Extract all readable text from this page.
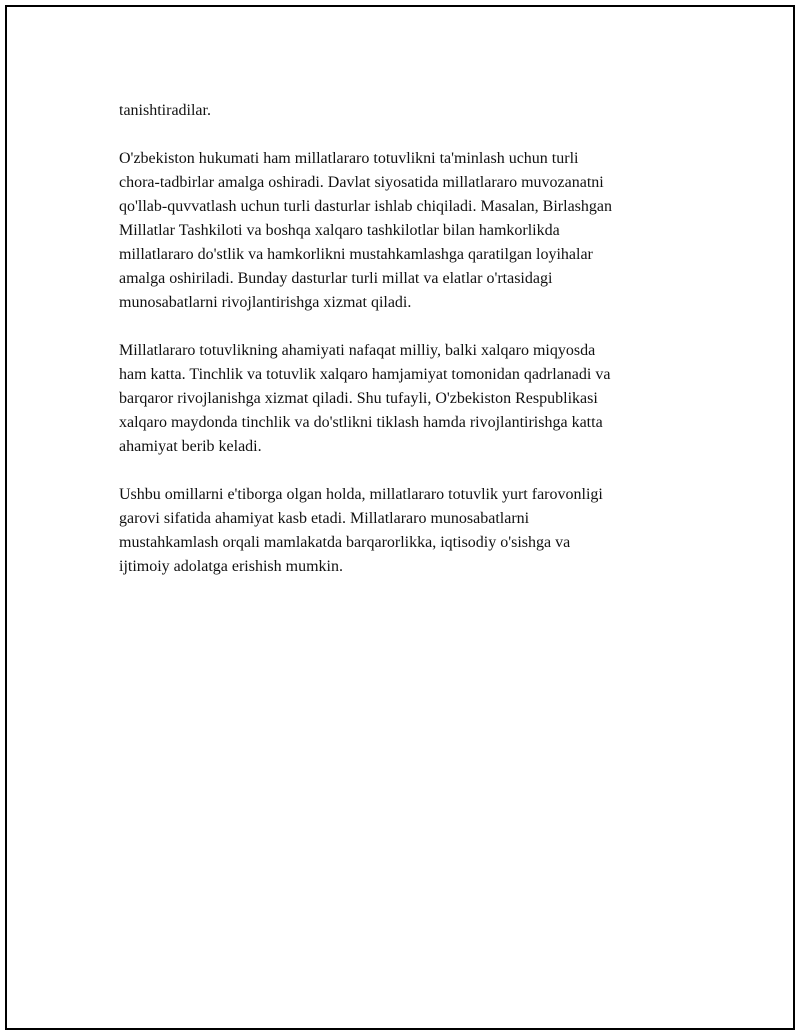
tanishtiradilar.

O'zbekiston hukumati ham millatlararo totuvlikni ta'minlash uchun turli
chora-tadbirlar amalga oshiradi. Davlat siyosatida millatlararo muvozanatni
qo'llab-quvvatlash uchun turli dasturlar ishlab chiqiladi. Masalan, Birlashgan
Millatlar Tashkiloti va boshqa xalqaro tashkilotlar bilan hamkorlikda
millatlararo do'stlik va hamkorlikni mustahkamlashga qaratilgan loyihalar
amalga oshiriladi. Bunday dasturlar turli millat va elatlar o'rtasidagi
munosabatlarni rivojlantirishga xizmat qiladi.

Millatlararo totuvlikning ahamiyati nafaqat milliy, balki xalqaro miqyosda
ham katta. Tinchlik va totuvlik xalqaro hamjamiyat tomonidan qadrlanadi va
barqaror rivojlanishga xizmat qiladi. Shu tufayli, O'zbekiston Respublikasi
xalqaro maydonda tinchlik va do'stlikni tiklash hamda rivojlantirishga katta
ahamiyat berib keladi.

Ushbu omillarni e'tiborga olgan holda, millatlararo totuvlik yurt farovonligi
garovi sifatida ahamiyat kasb etadi. Millatlararo munosabatlarni
mustahkamlash orqali mamlakatda barqarorlikka, iqtisodiy o'sishga va
ijtimoiy adolatga erishish mumkin.
